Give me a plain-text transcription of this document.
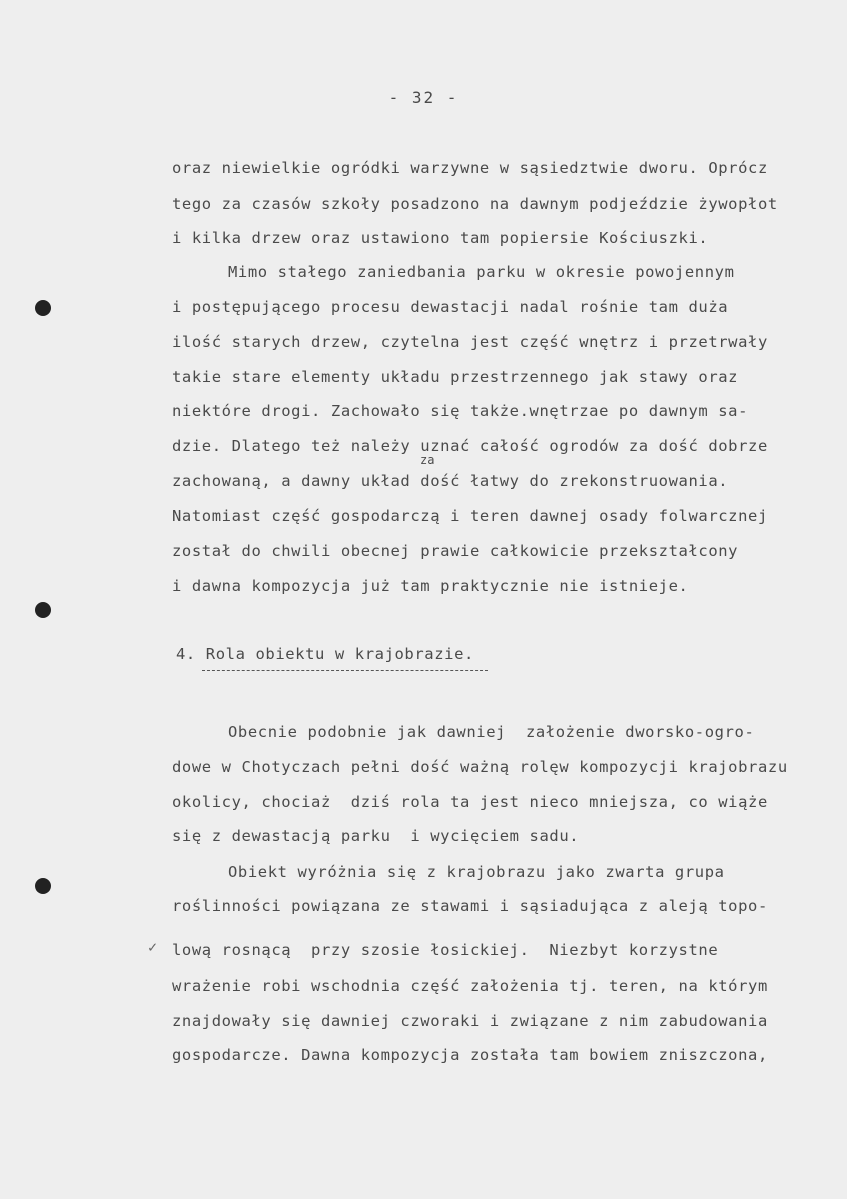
- 32 -
oraz niewielkie ogródki warzywne w sąsiedztwie dworu. Oprócz
tego za czasów szkoły posadzono na dawnym podjeździe żywopłot
i kilka drzew oraz ustawiono tam popiersie Kościuszki.
Mimo stałego zaniedbania parku w okresie powojennym
i postępującego procesu dewastacji nadal rośnie tam duża
ilość starych drzew, czytelna jest część wnętrz i przetrwały
takie stare elementy układu przestrzennego jak stawy oraz
niektóre drogi. Zachowało się także.wnętrzae po dawnym sa-
dzie. Dlatego też należy uznać całość ogrodów za dość dobrze
za
zachowaną, a dawny układ dość łatwy do zrekonstruowania.
Natomiast część gospodarczą i teren dawnej osady folwarcznej
został do chwili obecnej prawie całkowicie przekształcony
i dawna kompozycja już tam praktycznie nie istnieje.
4. Rola obiektu w krajobrazie.
Obecnie podobnie jak dawniej  założenie dworsko-ogro-
dowe w Chotyczach pełni dość ważną rolęw kompozycji krajobrazu
okolicy, chociaż  dziś rola ta jest nieco mniejsza, co wiąże
się z dewastacją parku  i wycięciem sadu.
Obiekt wyróżnia się z krajobrazu jako zwarta grupa
roślinności powiązana ze stawami i sąsiadująca z aleją topo-
lową rosnącą  przy szosie łosickiej.  Niezbyt korzystne
wrażenie robi wschodnia część założenia tj. teren, na którym
znajdowały się dawniej czworaki i związane z nim zabudowania
gospodarcze. Dawna kompozycja została tam bowiem zniszczona,
✓
